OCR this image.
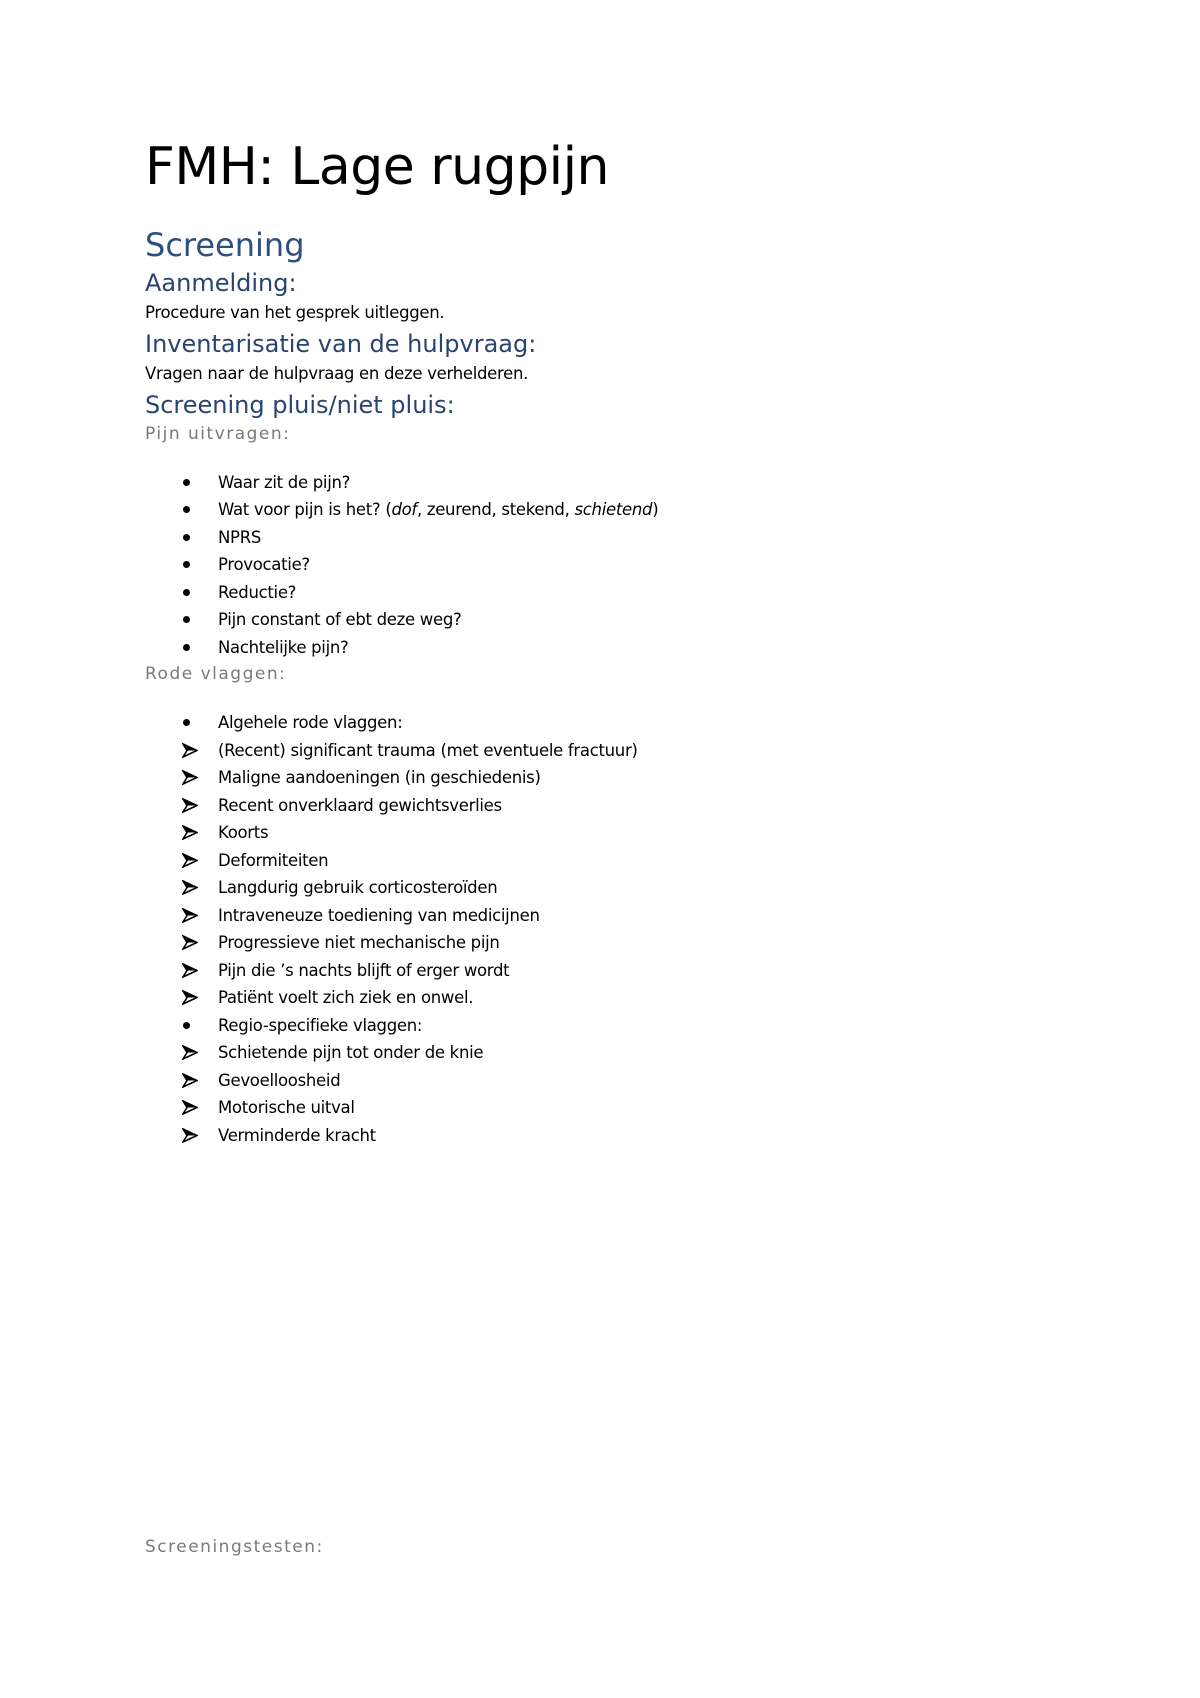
FMH: Lage rugpijn
Screening
Aanmelding:

Procedure van het gesprek uitleggen.

Inventarisatie van de hulpvraag:

Vragen naar de hulpvraag en deze verhelderen.

Screening pluis/niet pluis:
Pijn uitvragen:
Waar zit de pijn?
Wat voor pijn is het? (dof, zeurend, stekend, schietend)
NPRS
Provocatie?
Reductie?
Pijn constant of ebt deze weg?
Nachtelijke pijn?
Rode vlaggen:
Algehele rode vlaggen:
(Recent) significant trauma (met eventuele fractuur)
Maligne aandoeningen (in geschiedenis)
Recent onverklaard gewichtsverlies
Koorts
Deformiteiten
Langdurig gebruik corticosteroïden
Intraveneuze toediening van medicijnen
Progressieve niet mechanische pijn
Pijn die ’s nachts blijft of erger wordt
Patiënt voelt zich ziek en onwel.
Regio-specifieke vlaggen:
Schietende pijn tot onder de knie
Gevoelloosheid
Motorische uitval
Verminderde kracht
Screeningstesten:
